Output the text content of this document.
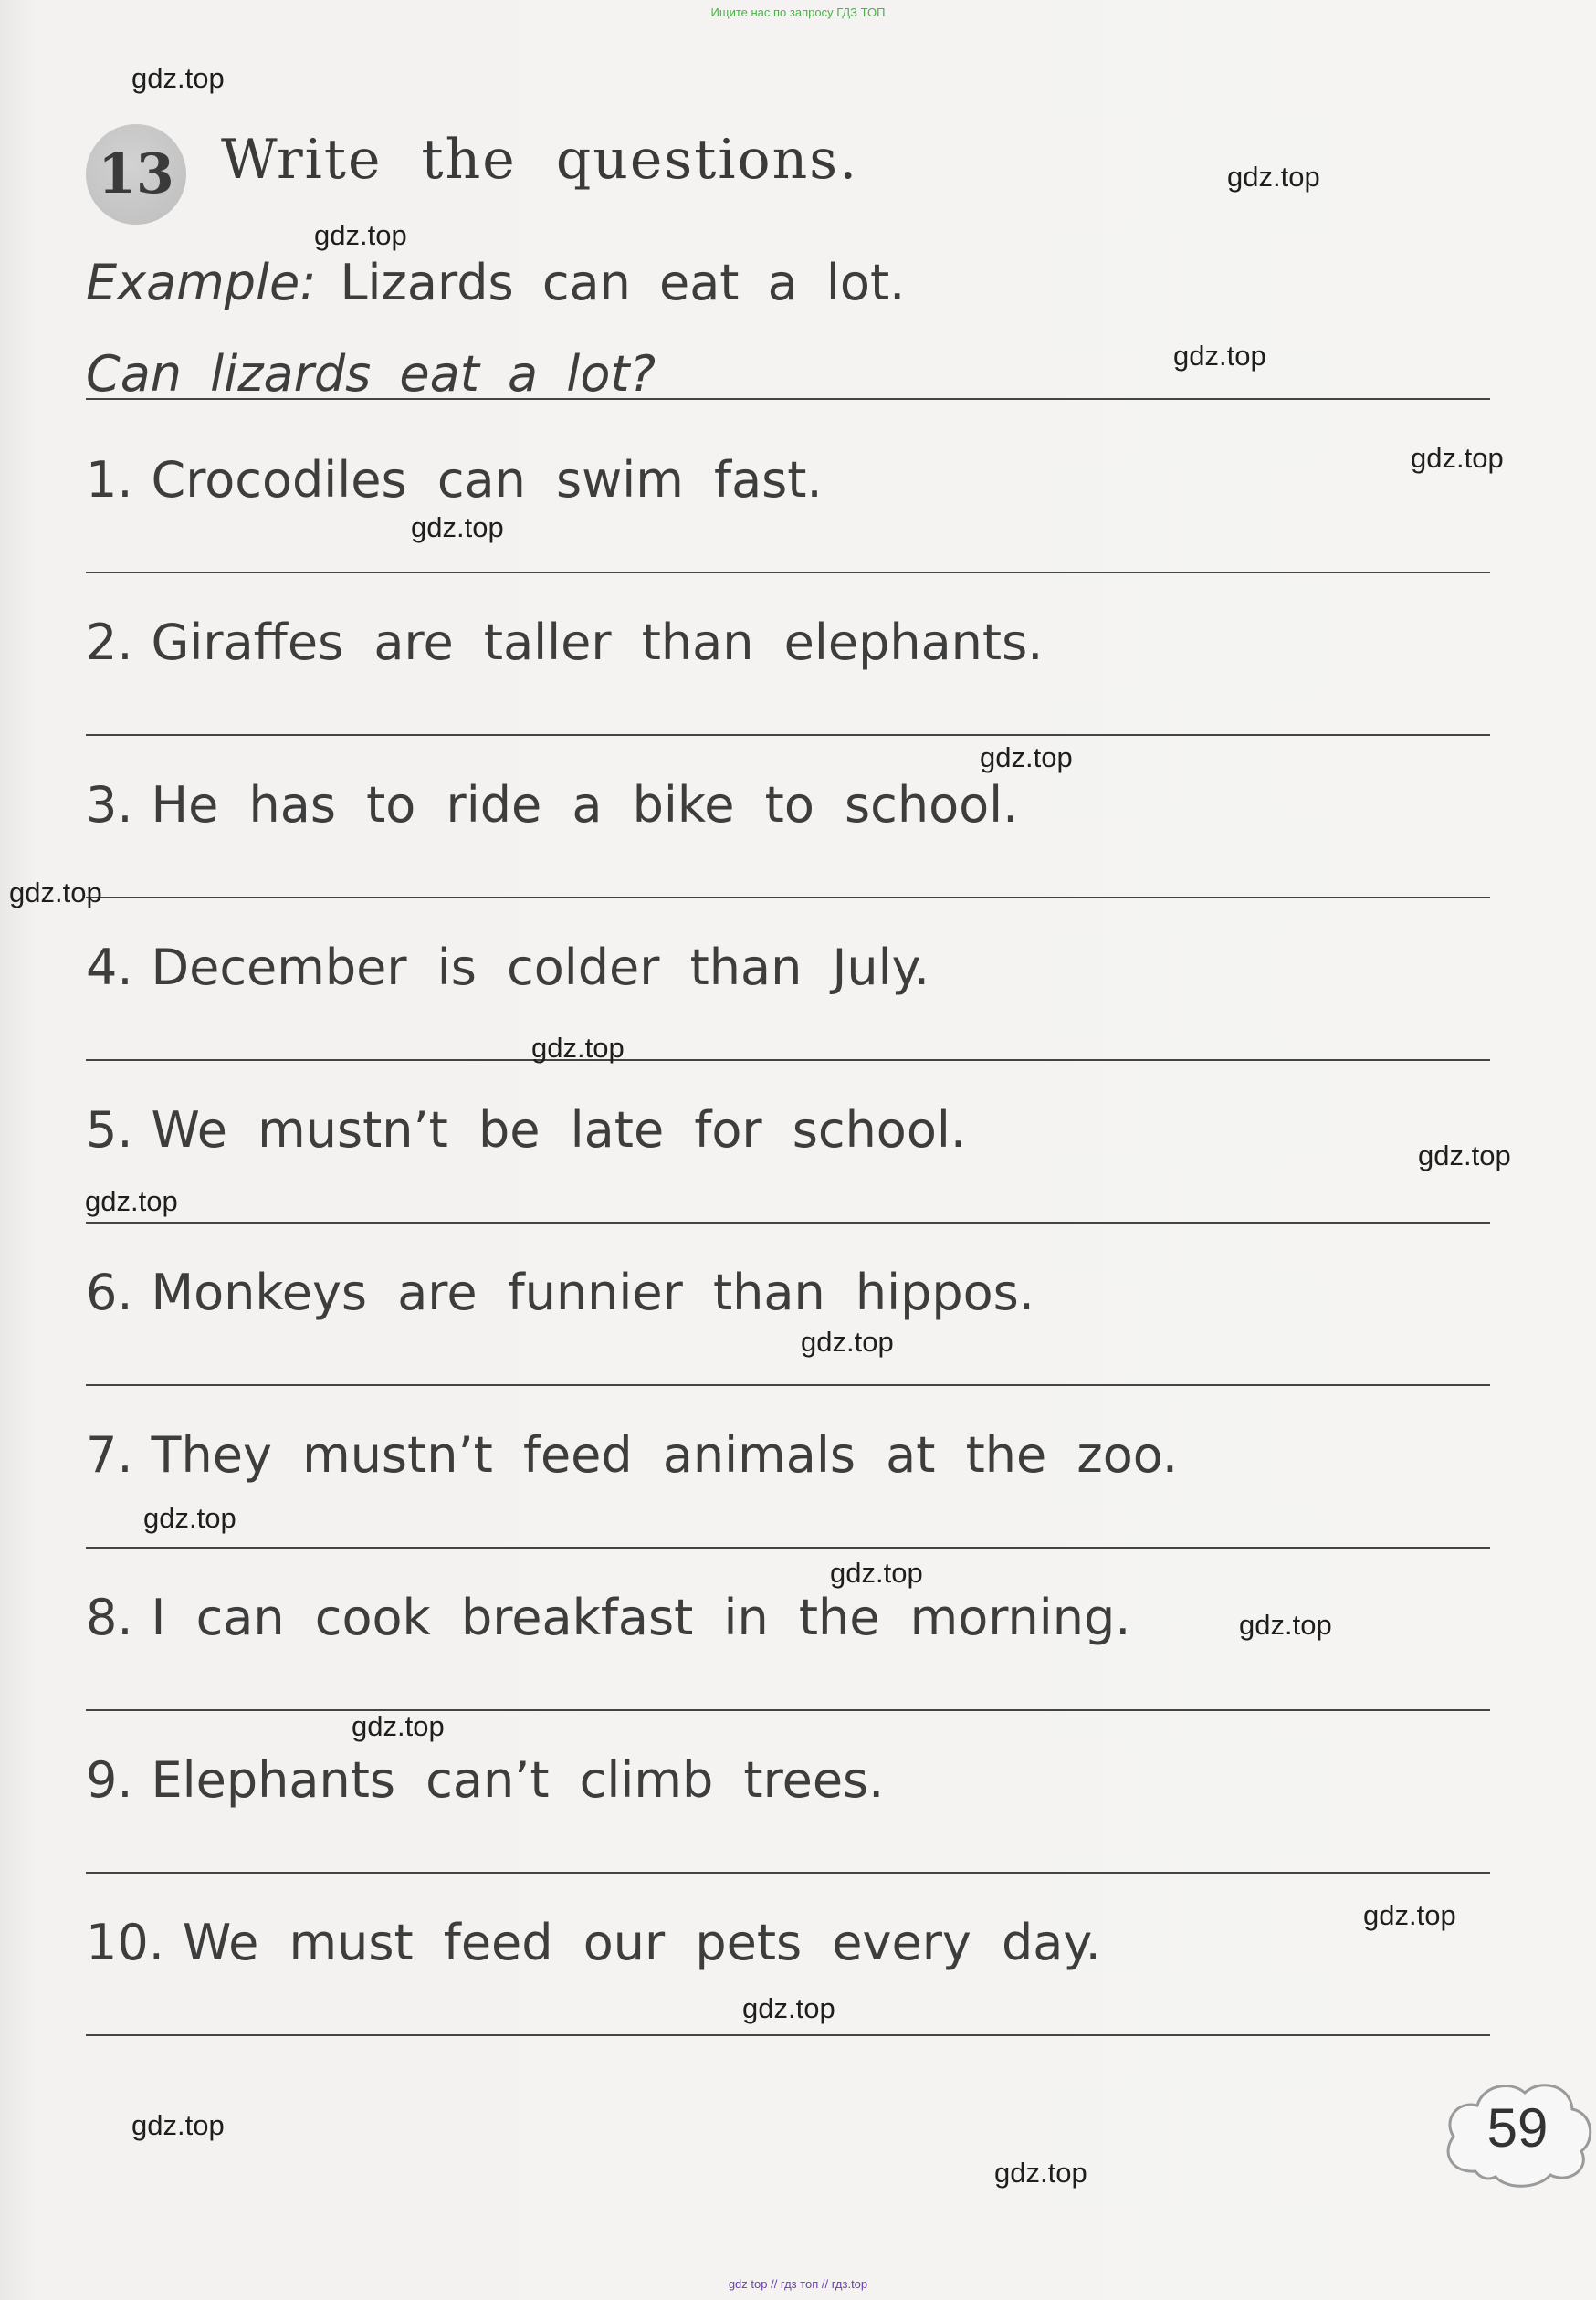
Ищите нас по запросу ГДЗ ТОП
13 Write the questions.
Example: Lizards can eat a lot.
Can lizards eat a lot?
1. Crocodiles can swim fast.
2. Giraffes are taller than elephants.
3. He has to ride a bike to school.
4. December is colder than July.
5. We mustn’t be late for school.
6. Monkeys are funnier than hippos.
7. They mustn’t feed animals at the zoo.
8. I can cook breakfast in the morning.
9. Elephants can’t climb trees.
10. We must feed our pets every day.
59
gdz.top
gdz.top
gdz.top
gdz.top
gdz.top
gdz.top
gdz.top
gdz.top
gdz.top
gdz.top
gdz.top
gdz.top
gdz.top
gdz.top
gdz.top
gdz.top
gdz.top
gdz.top
gdz.top
gdz.top
gdz top // гдз топ // гдз.top
